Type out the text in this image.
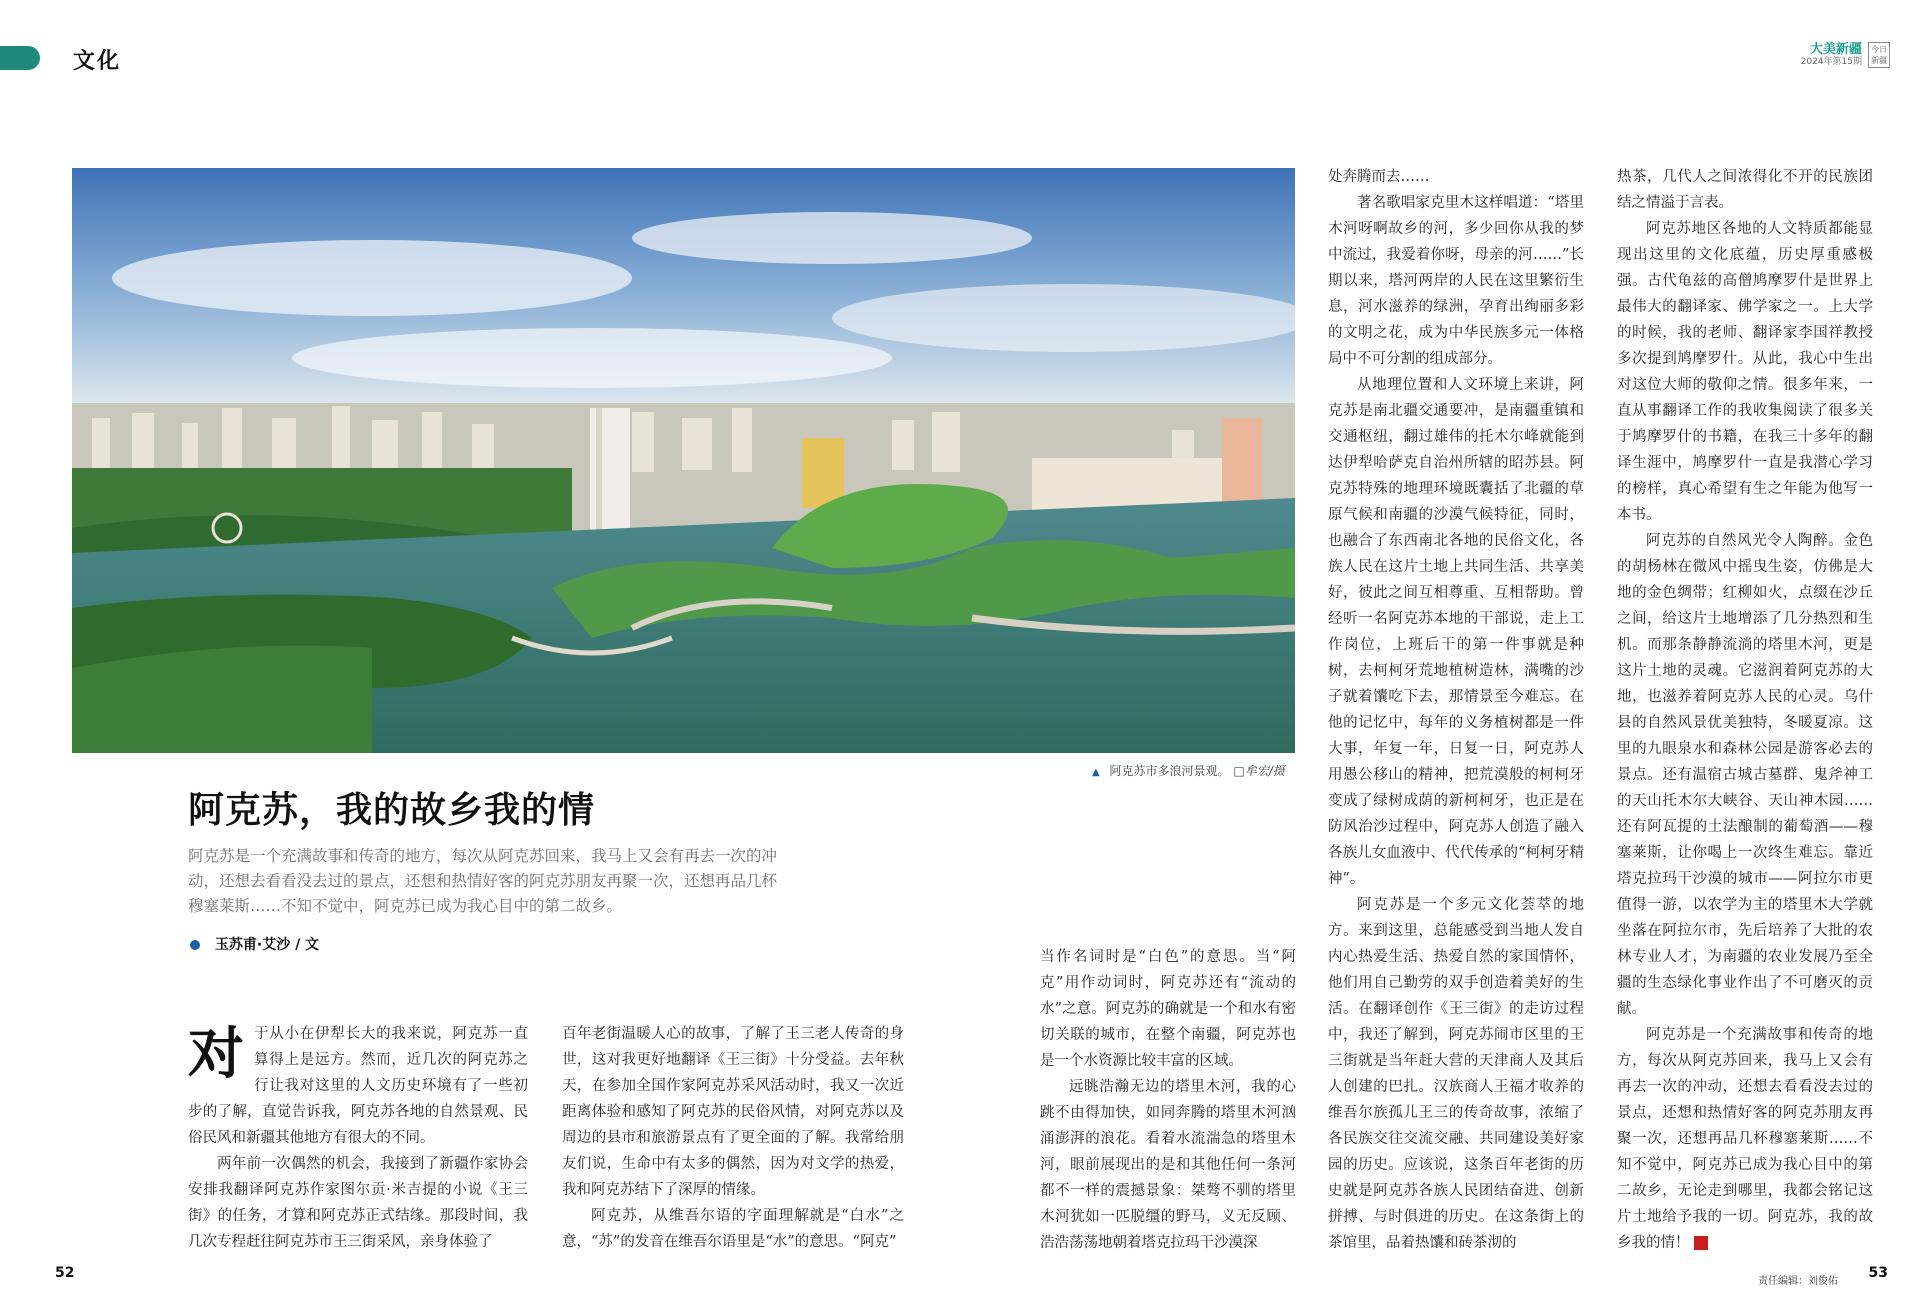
文化	大美新疆
2024年第15期
今日新疆
▲ 阿克苏市多浪河景观。 □牟宏/摄
阿克苏，我的故乡我的情
阿克苏是一个充满故事和传奇的地方，每次从阿克苏回来，我马上又会有再去一次的冲动，还想去看看没去过的景点，还想和热情好客的阿克苏朋友再聚一次，还想再品几杯穆塞莱斯……不知不觉中，阿克苏已成为我心目中的第二故乡。
玉苏甫·艾沙 / 文
对 于从小在伊犁长大的我来说，阿克苏一直算得上是远方。然而，近几次的阿克苏之行让我对这里的人文历史环境有了一些初步的了解，直觉告诉我，阿克苏各地的自然景观、民俗民风和新疆其他地方有很大的不同。

两年前一次偶然的机会，我接到了新疆作家协会安排我翻译阿克苏作家图尔贡·米吉提的小说《王三街》的任务，才算和阿克苏正式结缘。那段时间，我几次专程赶往阿克苏市王三街采风，亲身体验了

百年老街温暖人心的故事，了解了王三老人传奇的身世，这对我更好地翻译《王三街》十分受益。去年秋天，在参加全国作家阿克苏采风活动时，我又一次近距离体验和感知了阿克苏的民俗风情，对阿克苏以及周边的县市和旅游景点有了更全面的了解。我常给朋友们说，生命中有太多的偶然，因为对文学的热爱，我和阿克苏结下了深厚的情缘。

阿克苏，从维吾尔语的字面理解就是“白水”之意，“苏”的发音在维吾尔语里是“水”的意思。“阿克”

当作名词时是“白色”的意思。当“阿克”用作动词时，阿克苏还有“流动的水”之意。阿克苏的确就是一个和水有密切关联的城市，在整个南疆，阿克苏也是一个水资源比较丰富的区域。

远眺浩瀚无边的塔里木河，我的心跳不由得加快，如同奔腾的塔里木河汹涌澎湃的浪花。看着水流湍急的塔里木河，眼前展现出的是和其他任何一条河都不一样的震撼景象：桀骜不驯的塔里木河犹如一匹脱缰的野马，义无反顾、浩浩荡荡地朝着塔克拉玛干沙漠深

处奔腾而去……

著名歌唱家克里木这样唱道：“塔里木河呀啊故乡的河，多少回你从我的梦中流过，我爱着你呀，母亲的河……”长期以来，塔河两岸的人民在这里繁衍生息，河水滋养的绿洲，孕育出绚丽多彩的文明之花，成为中华民族多元一体格局中不可分割的组成部分。

从地理位置和人文环境上来讲，阿克苏是南北疆交通要冲，是南疆重镇和交通枢纽，翻过雄伟的托木尔峰就能到达伊犁哈萨克自治州所辖的昭苏县。阿克苏特殊的地理环境既囊括了北疆的草原气候和南疆的沙漠气候特征，同时，也融合了东西南北各地的民俗文化，各族人民在这片土地上共同生活、共享美好，彼此之间互相尊重、互相帮助。曾经听一名阿克苏本地的干部说，走上工作岗位，上班后干的第一件事就是种树，去柯柯牙荒地植树造林，满嘴的沙子就着馕吃下去，那情景至今难忘。在他的记忆中，每年的义务植树都是一件大事，年复一年，日复一日，阿克苏人用愚公移山的精神，把荒漠般的柯柯牙变成了绿树成荫的新柯柯牙，也正是在防风治沙过程中，阿克苏人创造了融入各族儿女血液中、代代传承的“柯柯牙精神”。

阿克苏是一个多元文化荟萃的地方。来到这里，总能感受到当地人发自内心热爱生活、热爱自然的家国情怀，他们用自己勤劳的双手创造着美好的生活。在翻译创作《王三街》的走访过程中，我还了解到，阿克苏闹市区里的王三街就是当年赶大营的天津商人及其后人创建的巴扎。汉族商人王福才收养的维吾尔族孤儿王三的传奇故事，浓缩了各民族交往交流交融、共同建设美好家园的历史。应该说，这条百年老街的历史就是阿克苏各族人民团结奋进、创新拼搏、与时俱进的历史。在这条街上的茶馆里，品着热馕和砖茶沏的

热茶，几代人之间浓得化不开的民族团结之情溢于言表。

阿克苏地区各地的人文特质都能显现出这里的文化底蕴，历史厚重感极强。古代龟兹的高僧鸠摩罗什是世界上最伟大的翻译家、佛学家之一。上大学的时候，我的老师、翻译家李国祥教授多次提到鸠摩罗什。从此，我心中生出对这位大师的敬仰之情。很多年来，一直从事翻译工作的我收集阅读了很多关于鸠摩罗什的书籍，在我三十多年的翻译生涯中，鸠摩罗什一直是我潜心学习的榜样，真心希望有生之年能为他写一本书。

阿克苏的自然风光令人陶醉。金色的胡杨林在微风中摇曳生姿，仿佛是大地的金色绸带；红柳如火，点缀在沙丘之间，给这片土地增添了几分热烈和生机。而那条静静流淌的塔里木河，更是这片土地的灵魂。它滋润着阿克苏的大地，也滋养着阿克苏人民的心灵。乌什县的自然风景优美独特，冬暖夏凉。这里的九眼泉水和森林公园是游客必去的景点。还有温宿古城古墓群、鬼斧神工的天山托木尔大峡谷、天山神木园……还有阿瓦提的土法酿制的葡萄酒——穆塞莱斯，让你喝上一次终生难忘。靠近塔克拉玛干沙漠的城市——阿拉尔市更值得一游，以农学为主的塔里木大学就坐落在阿拉尔市，先后培养了大批的农林专业人才，为南疆的农业发展乃至全疆的生态绿化事业作出了不可磨灭的贡献。

阿克苏是一个充满故事和传奇的地方，每次从阿克苏回来，我马上又会有再去一次的冲动，还想去看看没去过的景点，还想和热情好客的阿克苏朋友再聚一次，还想再品几杯穆塞莱斯……不知不觉中，阿克苏已成为我心目中的第二故乡，无论走到哪里，我都会铭记这片土地给予我的一切。阿克苏，我的故乡我的情！

52
责任编辑：刘俊佑
53
